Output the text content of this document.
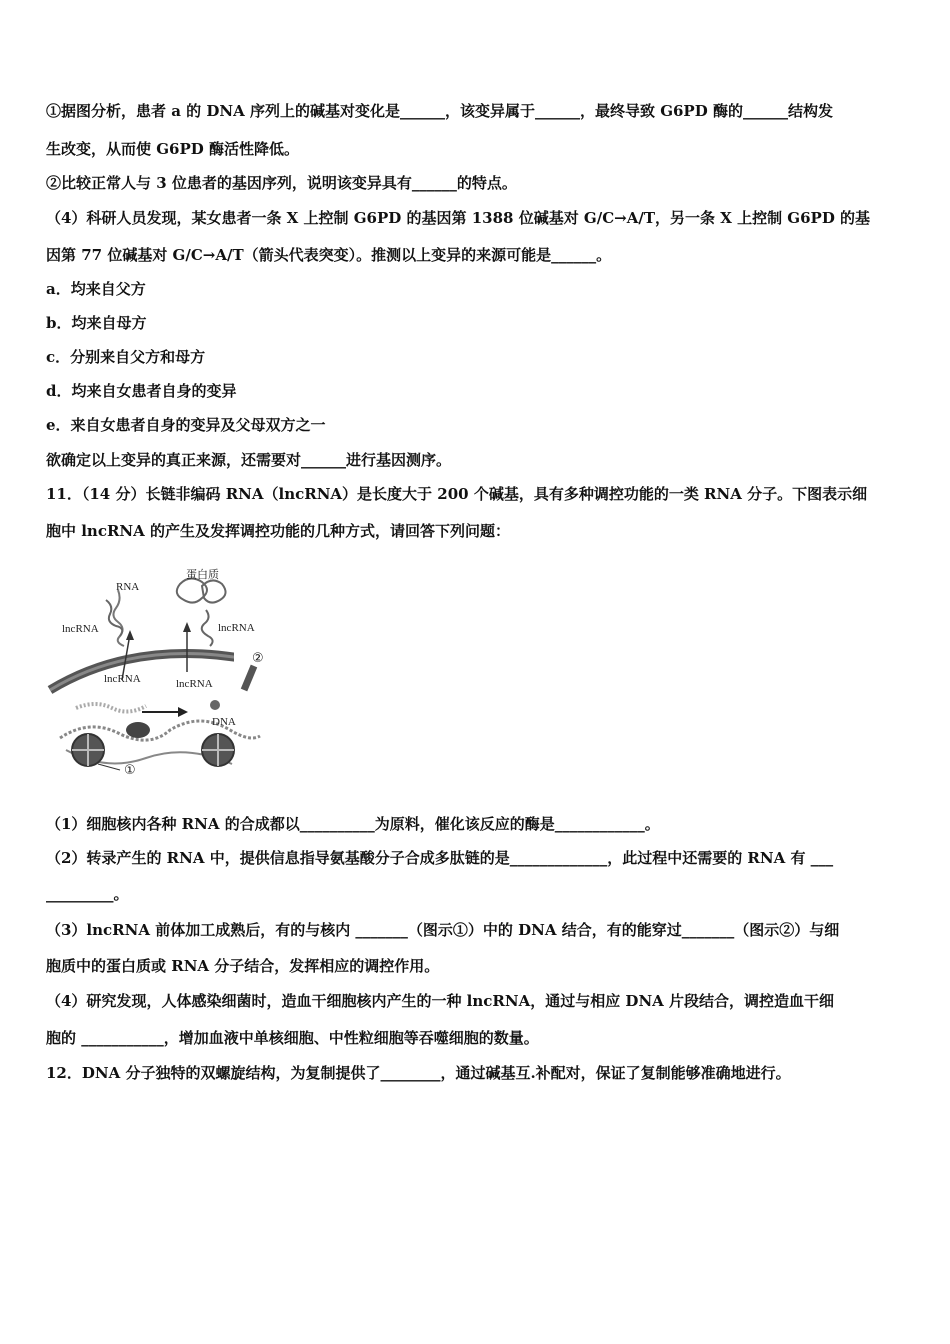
①据图分析，患者 a 的 DNA 序列上的碱基对变化是______，该变异属于______，最终导致 G6PD 酶的______结构发
生改变，从而使 G6PD 酶活性降低。
②比较正常人与 3 位患者的基因序列，说明该变异具有______的特点。
（4）科研人员发现，某女患者一条 X 上控制 G6PD 的基因第 1388 位碱基对 G/C→A/T，另一条 X 上控制 G6PD 的基
因第 77 位碱基对 G/C→A/T（箭头代表突变）。推测以上变异的来源可能是______。
a．均来自父方
b．均来自母方
c．分别来自父方和母方
d．均来自女患者自身的变异
e．来自女患者自身的变异及父母双方之一
欲确定以上变异的真正来源，还需要对______进行基因测序。
11．（14 分）长链非编码 RNA（lncRNA）是长度大于 200 个碱基，具有多种调控功能的一类 RNA 分子。下图表示细
胞中 lncRNA 的产生及发挥调控功能的几种方式，请回答下列问题：
RNA
蛋白质
lncRNA	lncRNA
lncRNA	lncRNA
DNA
①
②
（1）细胞核内各种 RNA 的合成都以__________为原料，催化该反应的酶是____________。
（2）转录产生的 RNA 中，提供信息指导氨基酸分子合成多肽链的是_____________，此过程中还需要的 RNA 有 ___
_________。
（3）lncRNA 前体加工成熟后，有的与核内 _______（图示①）中的 DNA 结合，有的能穿过_______（图示②）与细
胞质中的蛋白质或 RNA 分子结合，发挥相应的调控作用。
（4）研究发现，人体感染细菌时，造血干细胞核内产生的一种 lncRNA，通过与相应 DNA 片段结合，调控造血干细
胞的 ___________，增加血液中单核细胞、中性粒细胞等吞噬细胞的数量。
12．DNA 分子独特的双螺旋结构，为复制提供了________，通过碱基互.补配对，保证了复制能够准确地进行。
